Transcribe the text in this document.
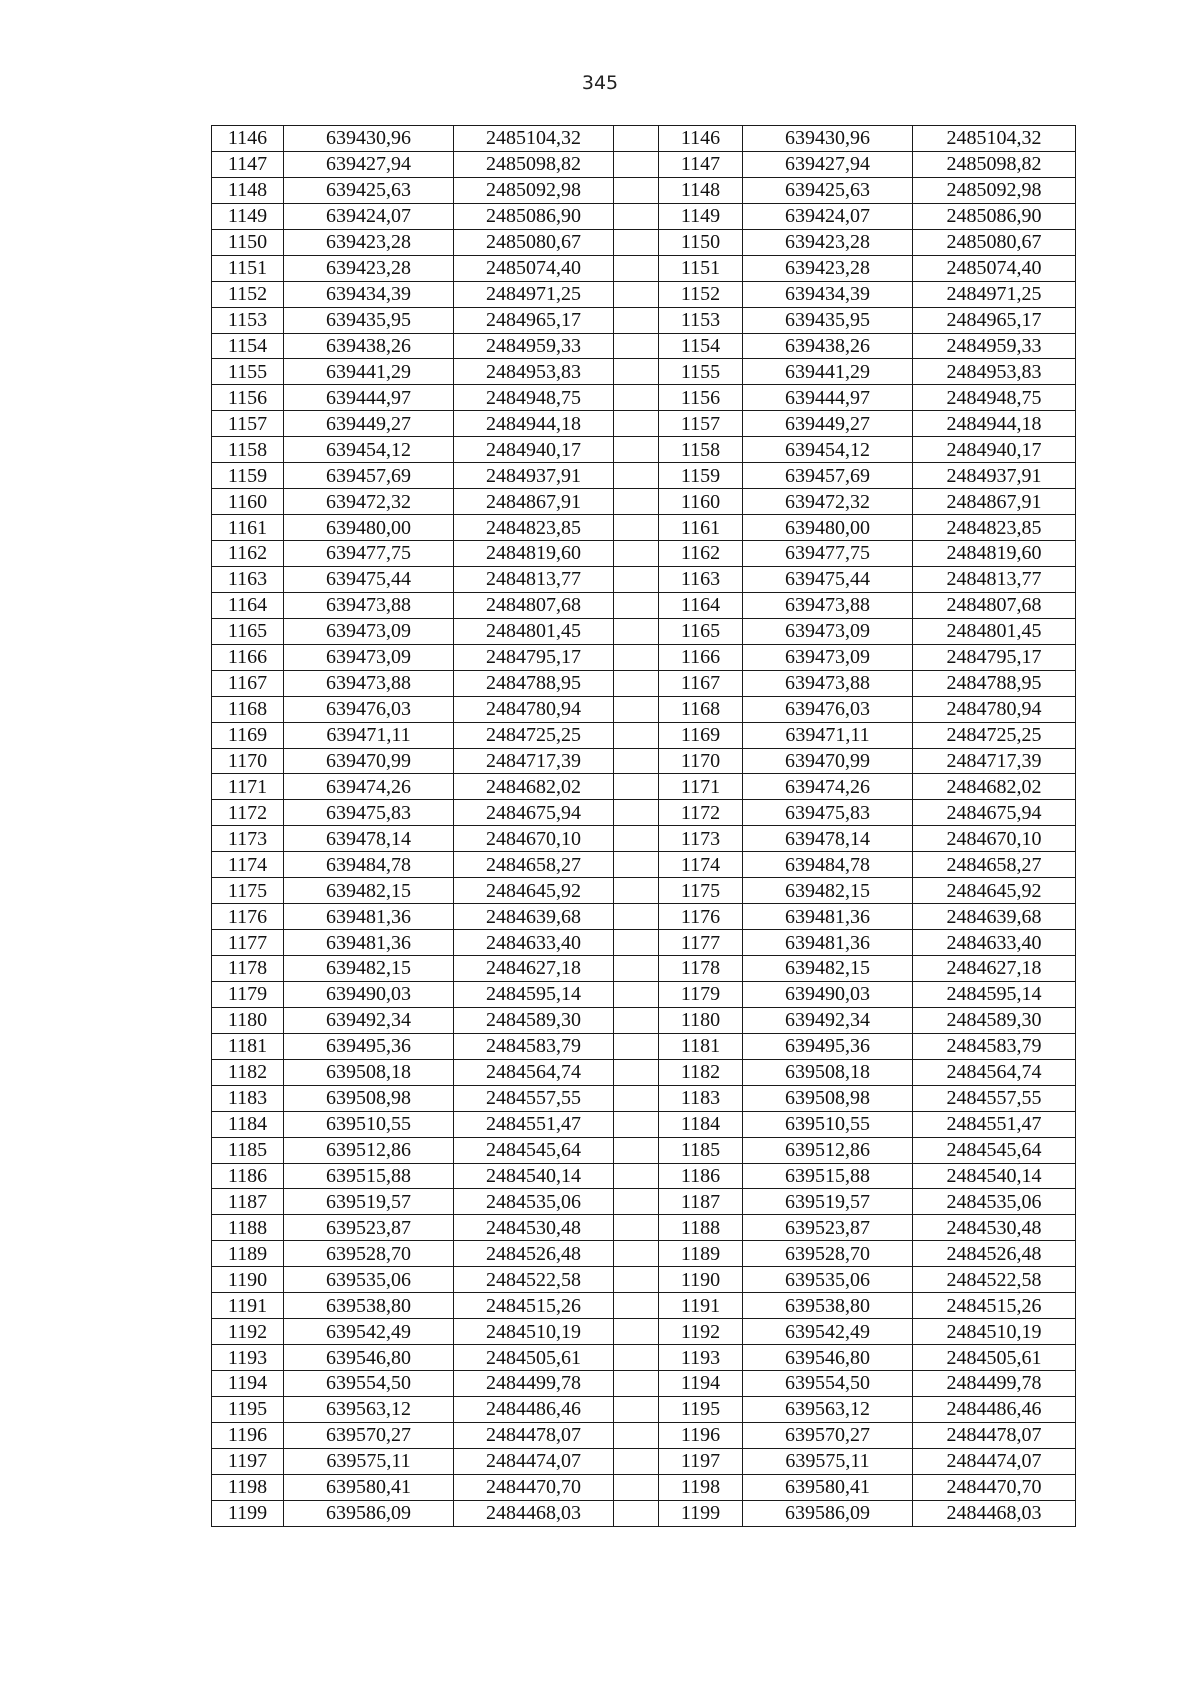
345
1146	639430,96	2485104,32		1146	639430,96	2485104,32
1147	639427,94	2485098,82		1147	639427,94	2485098,82
1148	639425,63	2485092,98		1148	639425,63	2485092,98
1149	639424,07	2485086,90		1149	639424,07	2485086,90
1150	639423,28	2485080,67		1150	639423,28	2485080,67
1151	639423,28	2485074,40		1151	639423,28	2485074,40
1152	639434,39	2484971,25		1152	639434,39	2484971,25
1153	639435,95	2484965,17		1153	639435,95	2484965,17
1154	639438,26	2484959,33		1154	639438,26	2484959,33
1155	639441,29	2484953,83		1155	639441,29	2484953,83
1156	639444,97	2484948,75		1156	639444,97	2484948,75
1157	639449,27	2484944,18		1157	639449,27	2484944,18
1158	639454,12	2484940,17		1158	639454,12	2484940,17
1159	639457,69	2484937,91		1159	639457,69	2484937,91
1160	639472,32	2484867,91		1160	639472,32	2484867,91
1161	639480,00	2484823,85		1161	639480,00	2484823,85
1162	639477,75	2484819,60		1162	639477,75	2484819,60
1163	639475,44	2484813,77		1163	639475,44	2484813,77
1164	639473,88	2484807,68		1164	639473,88	2484807,68
1165	639473,09	2484801,45		1165	639473,09	2484801,45
1166	639473,09	2484795,17		1166	639473,09	2484795,17
1167	639473,88	2484788,95		1167	639473,88	2484788,95
1168	639476,03	2484780,94		1168	639476,03	2484780,94
1169	639471,11	2484725,25		1169	639471,11	2484725,25
1170	639470,99	2484717,39		1170	639470,99	2484717,39
1171	639474,26	2484682,02		1171	639474,26	2484682,02
1172	639475,83	2484675,94		1172	639475,83	2484675,94
1173	639478,14	2484670,10		1173	639478,14	2484670,10
1174	639484,78	2484658,27		1174	639484,78	2484658,27
1175	639482,15	2484645,92		1175	639482,15	2484645,92
1176	639481,36	2484639,68		1176	639481,36	2484639,68
1177	639481,36	2484633,40		1177	639481,36	2484633,40
1178	639482,15	2484627,18		1178	639482,15	2484627,18
1179	639490,03	2484595,14		1179	639490,03	2484595,14
1180	639492,34	2484589,30		1180	639492,34	2484589,30
1181	639495,36	2484583,79		1181	639495,36	2484583,79
1182	639508,18	2484564,74		1182	639508,18	2484564,74
1183	639508,98	2484557,55		1183	639508,98	2484557,55
1184	639510,55	2484551,47		1184	639510,55	2484551,47
1185	639512,86	2484545,64		1185	639512,86	2484545,64
1186	639515,88	2484540,14		1186	639515,88	2484540,14
1187	639519,57	2484535,06		1187	639519,57	2484535,06
1188	639523,87	2484530,48		1188	639523,87	2484530,48
1189	639528,70	2484526,48		1189	639528,70	2484526,48
1190	639535,06	2484522,58		1190	639535,06	2484522,58
1191	639538,80	2484515,26		1191	639538,80	2484515,26
1192	639542,49	2484510,19		1192	639542,49	2484510,19
1193	639546,80	2484505,61		1193	639546,80	2484505,61
1194	639554,50	2484499,78		1194	639554,50	2484499,78
1195	639563,12	2484486,46		1195	639563,12	2484486,46
1196	639570,27	2484478,07		1196	639570,27	2484478,07
1197	639575,11	2484474,07		1197	639575,11	2484474,07
1198	639580,41	2484470,70		1198	639580,41	2484470,70
1199	639586,09	2484468,03		1199	639586,09	2484468,03
